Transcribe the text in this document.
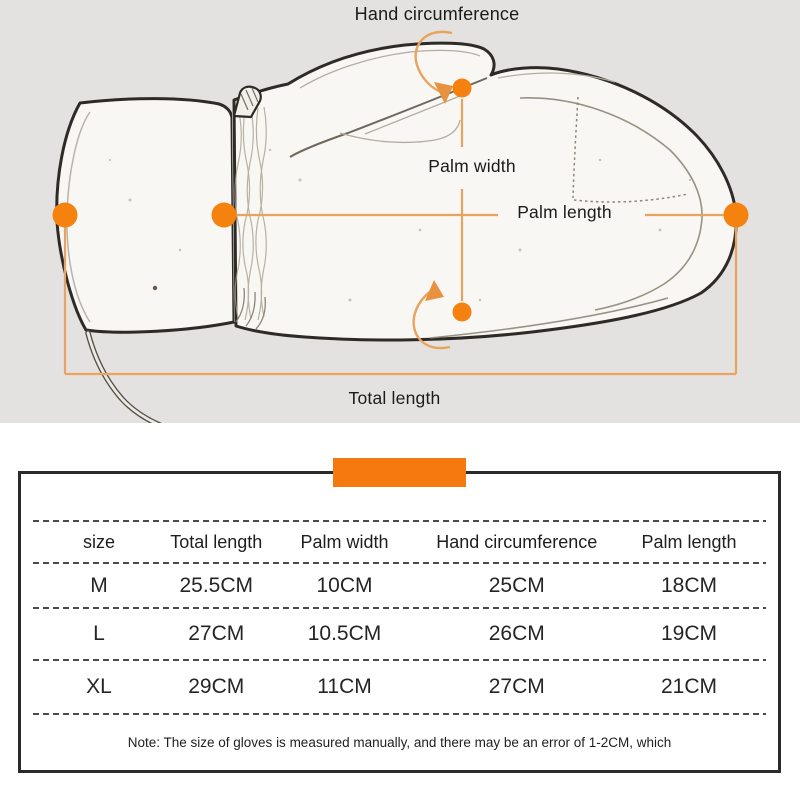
Hand circumference
Palm width
Palm length
Total length
size	Total length	Palm width	Hand circumference	Palm length
M	25.5CM	10CM	25CM	18CM
L	27CM	10.5CM	26CM	19CM
XL	29CM	11CM	27CM	21CM
Note: The size of gloves is measured manually, and there may be an error of 1-2CM, which
